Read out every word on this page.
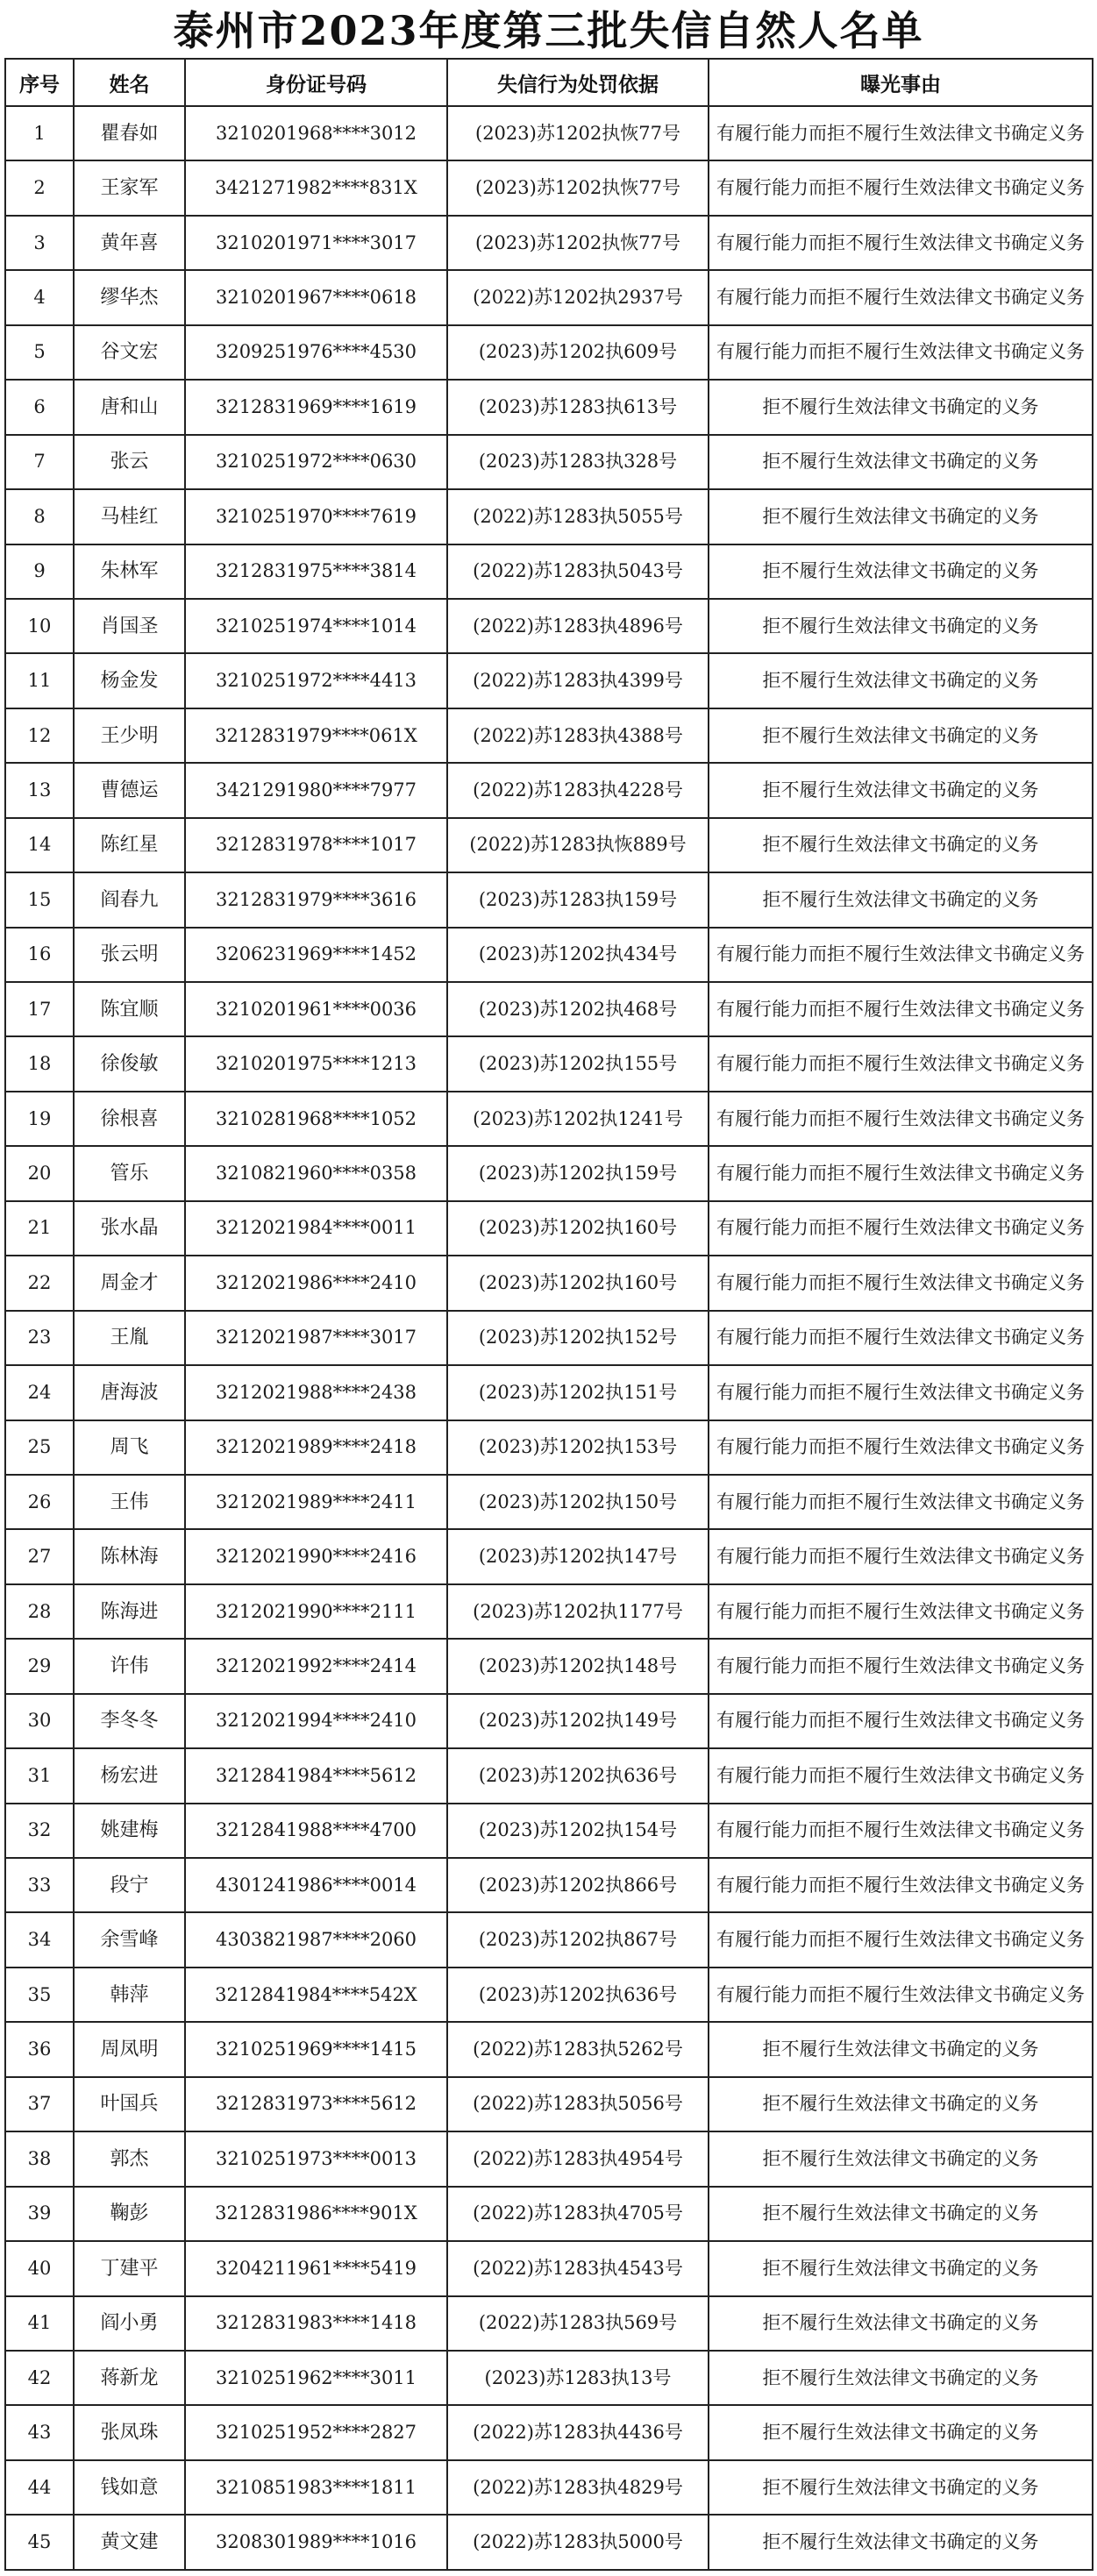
泰州市2023年度第三批失信自然人名单
序号	姓名	身份证号码	失信行为处罚依据	曝光事由
1	瞿春如	3210201968****3012	(2023)苏1202执恢77号	有履行能力而拒不履行生效法律文书确定义务
2	王家军	3421271982****831X	(2023)苏1202执恢77号	有履行能力而拒不履行生效法律文书确定义务
3	黄年喜	3210201971****3017	(2023)苏1202执恢77号	有履行能力而拒不履行生效法律文书确定义务
4	缪华杰	3210201967****0618	(2022)苏1202执2937号	有履行能力而拒不履行生效法律文书确定义务
5	谷文宏	3209251976****4530	(2023)苏1202执609号	有履行能力而拒不履行生效法律文书确定义务
6	唐和山	3212831969****1619	(2023)苏1283执613号	拒不履行生效法律文书确定的义务
7	张云	3210251972****0630	(2023)苏1283执328号	拒不履行生效法律文书确定的义务
8	马桂红	3210251970****7619	(2022)苏1283执5055号	拒不履行生效法律文书确定的义务
9	朱林军	3212831975****3814	(2022)苏1283执5043号	拒不履行生效法律文书确定的义务
10	肖国圣	3210251974****1014	(2022)苏1283执4896号	拒不履行生效法律文书确定的义务
11	杨金发	3210251972****4413	(2022)苏1283执4399号	拒不履行生效法律文书确定的义务
12	王少明	3212831979****061X	(2022)苏1283执4388号	拒不履行生效法律文书确定的义务
13	曹德运	3421291980****7977	(2022)苏1283执4228号	拒不履行生效法律文书确定的义务
14	陈红星	3212831978****1017	(2022)苏1283执恢889号	拒不履行生效法律文书确定的义务
15	阎春九	3212831979****3616	(2023)苏1283执159号	拒不履行生效法律文书确定的义务
16	张云明	3206231969****1452	(2023)苏1202执434号	有履行能力而拒不履行生效法律文书确定义务
17	陈宜顺	3210201961****0036	(2023)苏1202执468号	有履行能力而拒不履行生效法律文书确定义务
18	徐俊敏	3210201975****1213	(2023)苏1202执155号	有履行能力而拒不履行生效法律文书确定义务
19	徐根喜	3210281968****1052	(2023)苏1202执1241号	有履行能力而拒不履行生效法律文书确定义务
20	管乐	3210821960****0358	(2023)苏1202执159号	有履行能力而拒不履行生效法律文书确定义务
21	张水晶	3212021984****0011	(2023)苏1202执160号	有履行能力而拒不履行生效法律文书确定义务
22	周金才	3212021986****2410	(2023)苏1202执160号	有履行能力而拒不履行生效法律文书确定义务
23	王胤	3212021987****3017	(2023)苏1202执152号	有履行能力而拒不履行生效法律文书确定义务
24	唐海波	3212021988****2438	(2023)苏1202执151号	有履行能力而拒不履行生效法律文书确定义务
25	周飞	3212021989****2418	(2023)苏1202执153号	有履行能力而拒不履行生效法律文书确定义务
26	王伟	3212021989****2411	(2023)苏1202执150号	有履行能力而拒不履行生效法律文书确定义务
27	陈林海	3212021990****2416	(2023)苏1202执147号	有履行能力而拒不履行生效法律文书确定义务
28	陈海进	3212021990****2111	(2023)苏1202执1177号	有履行能力而拒不履行生效法律文书确定义务
29	许伟	3212021992****2414	(2023)苏1202执148号	有履行能力而拒不履行生效法律文书确定义务
30	李冬冬	3212021994****2410	(2023)苏1202执149号	有履行能力而拒不履行生效法律文书确定义务
31	杨宏进	3212841984****5612	(2023)苏1202执636号	有履行能力而拒不履行生效法律文书确定义务
32	姚建梅	3212841988****4700	(2023)苏1202执154号	有履行能力而拒不履行生效法律文书确定义务
33	段宁	4301241986****0014	(2023)苏1202执866号	有履行能力而拒不履行生效法律文书确定义务
34	余雪峰	4303821987****2060	(2023)苏1202执867号	有履行能力而拒不履行生效法律文书确定义务
35	韩萍	3212841984****542X	(2023)苏1202执636号	有履行能力而拒不履行生效法律文书确定义务
36	周凤明	3210251969****1415	(2022)苏1283执5262号	拒不履行生效法律文书确定的义务
37	叶国兵	3212831973****5612	(2022)苏1283执5056号	拒不履行生效法律文书确定的义务
38	郭杰	3210251973****0013	(2022)苏1283执4954号	拒不履行生效法律文书确定的义务
39	鞠彭	3212831986****901X	(2022)苏1283执4705号	拒不履行生效法律文书确定的义务
40	丁建平	3204211961****5419	(2022)苏1283执4543号	拒不履行生效法律文书确定的义务
41	阎小勇	3212831983****1418	(2022)苏1283执569号	拒不履行生效法律文书确定的义务
42	蒋新龙	3210251962****3011	(2023)苏1283执13号	拒不履行生效法律文书确定的义务
43	张凤珠	3210251952****2827	(2022)苏1283执4436号	拒不履行生效法律文书确定的义务
44	钱如意	3210851983****1811	(2022)苏1283执4829号	拒不履行生效法律文书确定的义务
45	黄文建	3208301989****1016	(2022)苏1283执5000号	拒不履行生效法律文书确定的义务
